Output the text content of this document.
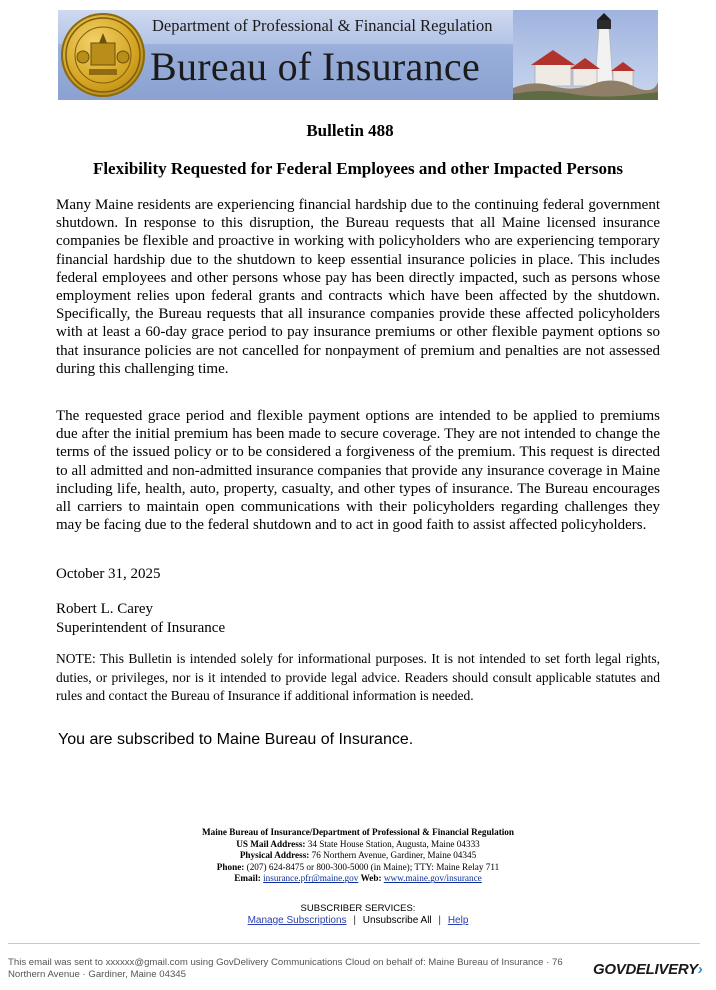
Department of Professional & Financial Regulation
Bureau of Insurance
Bulletin 488
Flexibility Requested for Federal Employees and other Impacted Persons

Many Maine residents are experiencing financial hardship due to the continuing federal government shutdown. In response to this disruption, the Bureau requests that all Maine licensed insurance companies be flexible and proactive in working with policyholders who are experiencing temporary financial hardship due to the shutdown to keep essential insurance policies in place. This includes federal employees and other persons whose pay has been directly impacted, such as persons whose employment relies upon federal grants and contracts which have been affected by the shutdown. Specifically, the Bureau requests that all insurance companies provide these affected policyholders with at least a 60-day grace period to pay insurance premiums or other flexible payment options so that insurance policies are not cancelled for nonpayment of premium and penalties are not assessed during this challenging time.

The requested grace period and flexible payment options are intended to be applied to premiums due after the initial premium has been made to secure coverage. They are not intended to change the terms of the issued policy or to be considered a forgiveness of the premium. This request is directed to all admitted and non-admitted insurance companies that provide any insurance coverage in Maine including life, health, auto, property, casualty, and other types of insurance. The Bureau encourages all carriers to maintain open communications with their policyholders regarding challenges they may be facing due to the federal shutdown and to act in good faith to assist affected policyholders.

October 31, 2025
Robert L. Carey
Superintendent of Insurance

NOTE: This Bulletin is intended solely for informational purposes. It is not intended to set forth legal rights, duties, or privileges, nor is it intended to provide legal advice. Readers should consult applicable statutes and rules and contact the Bureau of Insurance if additional information is needed.

You are subscribed to Maine Bureau of Insurance.
Maine Bureau of Insurance/Department of Professional & Financial Regulation
US Mail Address: 34 State House Station, Augusta, Maine 04333
Physical Address: 76 Northern Avenue, Gardiner, Maine 04345
Phone: (207) 624-8475 or 800-300-5000 (in Maine); TTY: Maine Relay 711
Email: insurance.pfr@maine.gov Web: www.maine.gov/insurance
SUBSCRIBER SERVICES:
Manage Subscriptions | Unsubscribe All | Help

This email was sent to xxxxxx@gmail.com using GovDelivery Communications Cloud on behalf of: Maine Bureau of Insurance · 76 Northern Avenue · Gardiner, Maine 04345	GOVDELIVERY›
